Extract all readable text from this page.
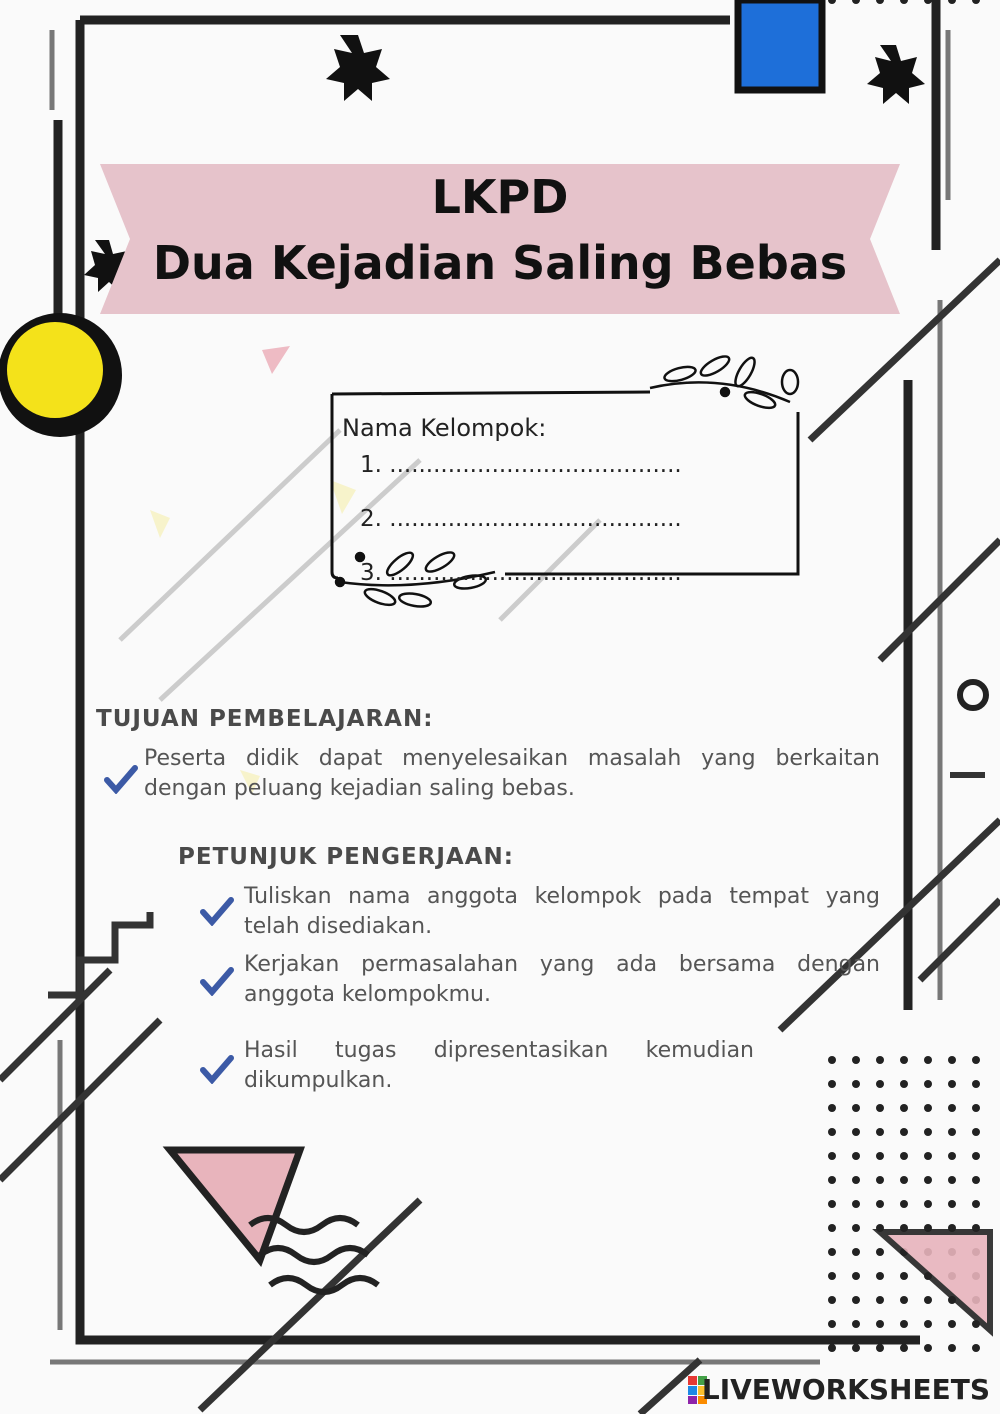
LKPD
Dua Kejadian Saling Bebas
Nama Kelompok:
1. ........................................
2. ........................................
3. ........................................
TUJUAN PEMBELAJARAN:
Peserta didik dapat menyelesaikan masalah yang berkaitan dengan peluang kejadian saling bebas.
PETUNJUK PENGERJAAN:
Tuliskan nama anggota kelompok pada tempat yang telah disediakan.
Kerjakan permasalahan yang ada bersama dengan anggota kelompokmu.
Hasil tugas dipresentasikan kemudian dikumpulkan.
LIVEWORKSHEETS
